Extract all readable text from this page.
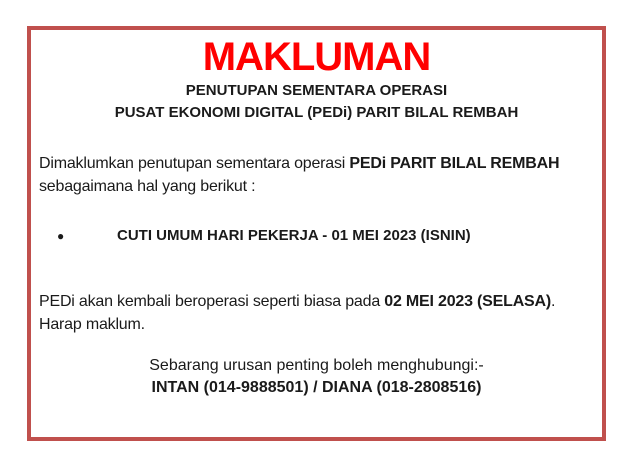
MAKLUMAN
PENUTUPAN SEMENTARA OPERASI
PUSAT EKONOMI DIGITAL (PEDi) PARIT BILAL REMBAH
Dimaklumkan penutupan sementara operasi PEDi PARIT BILAL REMBAH
sebagaimana hal yang berikut :
●	CUTI UMUM HARI PEKERJA - 01 MEI 2023 (ISNIN)
PEDi akan kembali beroperasi seperti biasa pada 02 MEI 2023 (SELASA).
Harap maklum.
Sebarang urusan penting boleh menghubungi:-
INTAN (014-9888501) / DIANA (018-2808516)
